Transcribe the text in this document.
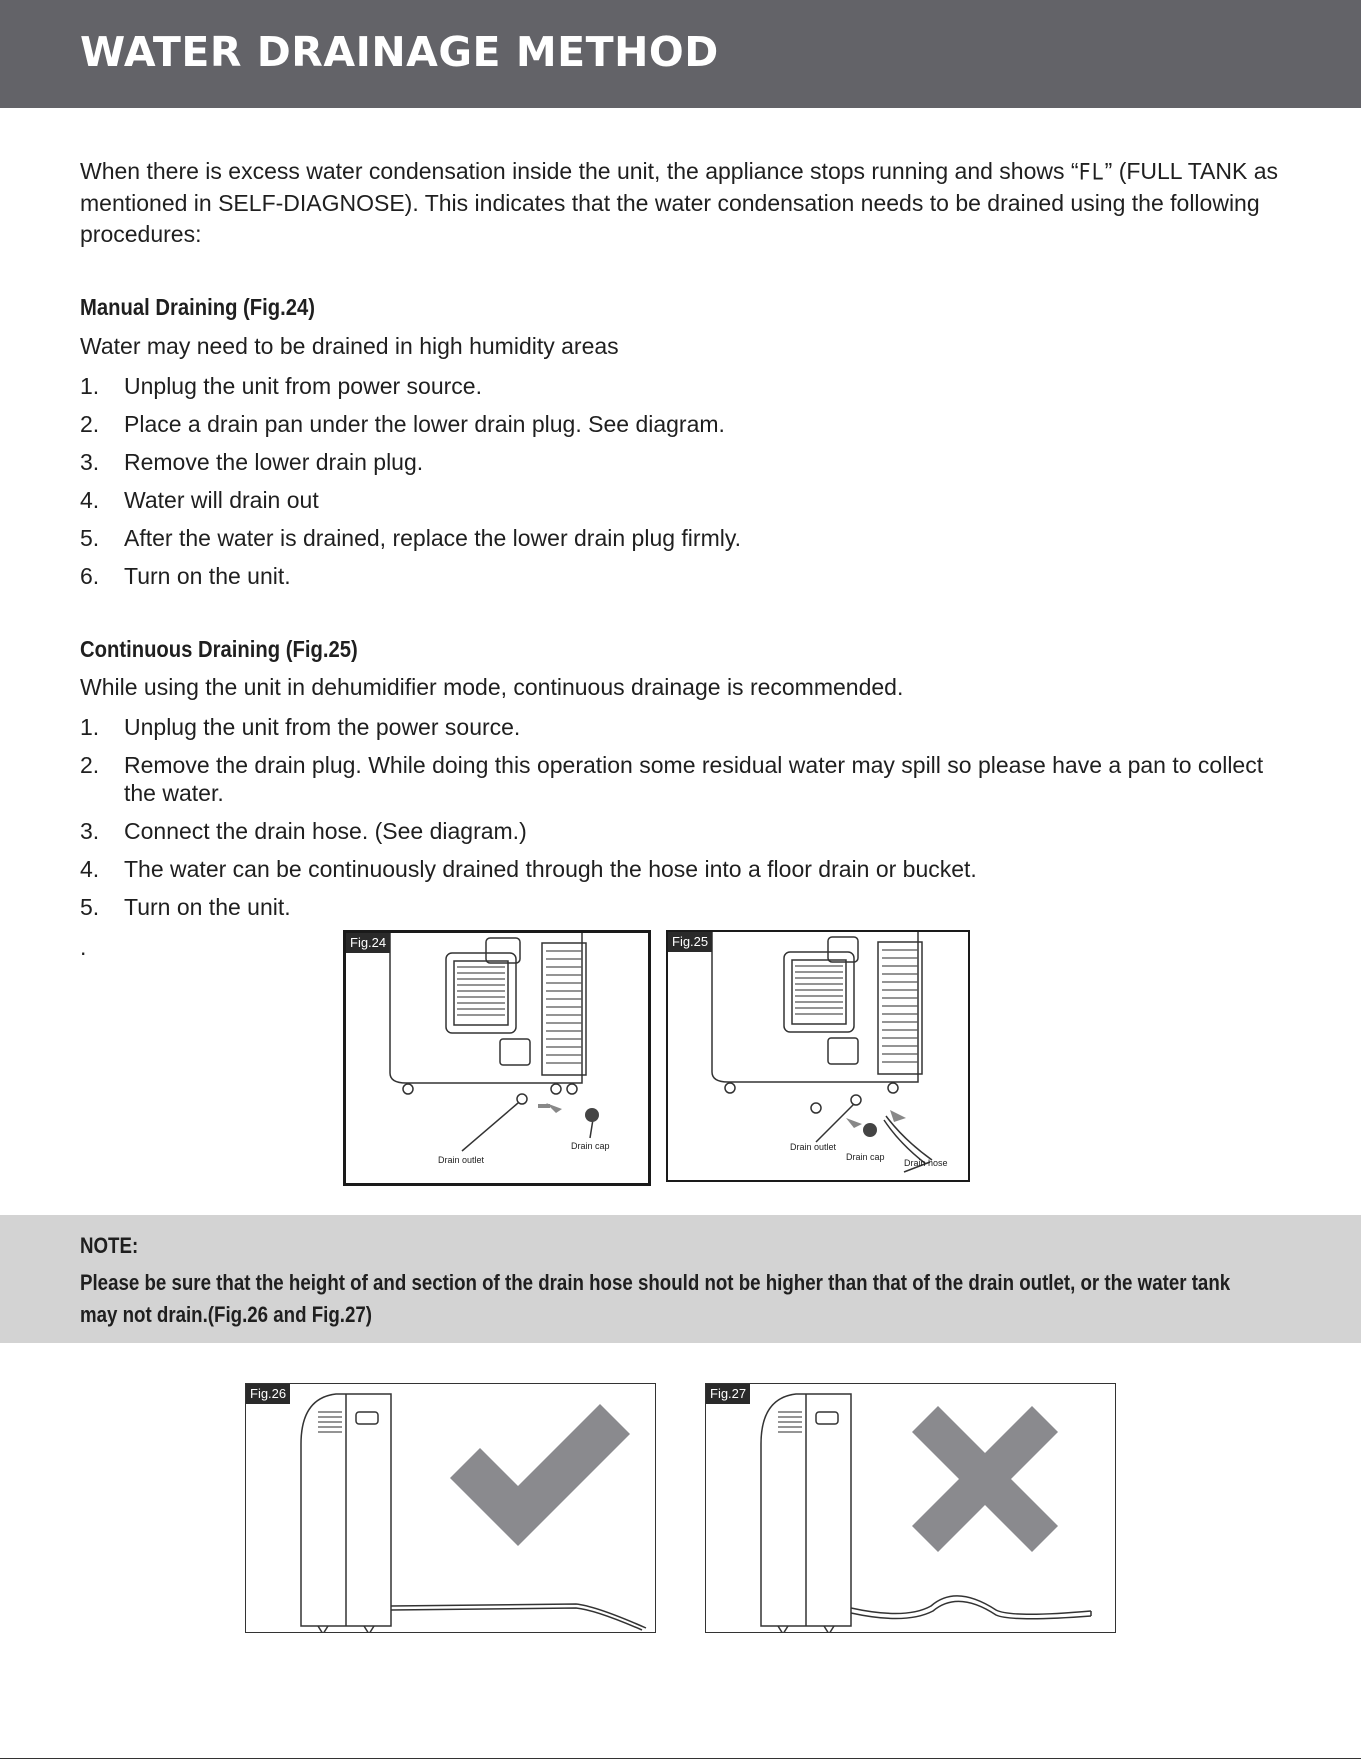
WATER DRAINAGE METHOD

When there is excess water condensation inside the unit, the appliance stops running and shows “FL” (FULL TANK as mentioned in SELF-DIAGNOSE). This indicates that the water condensation needs to be drained using the following procedures:

Manual Draining (Fig.24)

Water may need to be drained in high humidity areas

1.	Unplug the unit from power source.
2.	Place a drain pan under the lower drain plug. See diagram.
3.	Remove the lower drain plug.
4.	Water will drain out
5.	After the water is drained, replace the lower drain plug firmly.
6.	Turn on the unit.
Continuous Draining (Fig.25)

While using the unit in dehumidifier mode, continuous drainage is recommended.

1.	Unplug the unit from the power source.
2.	Remove the drain plug. While doing this operation some residual water may spill so please have a pan to collect the water.
3.	Connect the drain hose. (See diagram.)
4.	The water can be continuously drained through the hose into a floor drain or bucket.
5.	Turn on the unit.
.
Drain outlet
Drain cap
Fig.24
Drain outlet
Drain cap
Drain hose
Fig.25

NOTE:

Please be sure that the height of and section of the drain hose should not be higher than that of the drain outlet, or the water tank may not drain.(Fig.26 and Fig.27)

Fig.26	Fig.27
